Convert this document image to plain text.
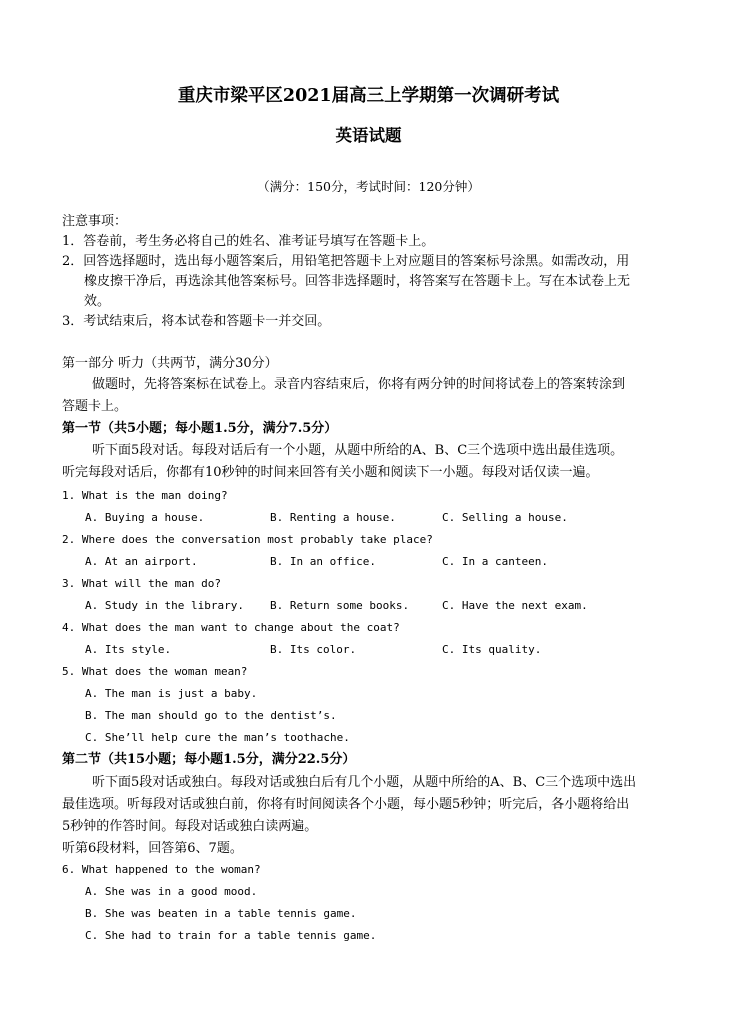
重庆市梁平区2021届高三上学期第一次调研考试
英语试题
（满分：150分，考试时间：120分钟）
注意事项：
1．答卷前，考生务必将自己的姓名、准考证号填写在答题卡上。
2．回答选择题时，选出每小题答案后，用铅笔把答题卡上对应题目的答案标号涂黑。如需改动，用
橡皮擦干净后，再选涂其他答案标号。回答非选择题时，将答案写在答题卡上。写在本试卷上无
效。
3．考试结束后，将本试卷和答题卡一并交回。
第一部分 听力（共两节，满分30分）
做题时，先将答案标在试卷上。录音内容结束后，你将有两分钟的时间将试卷上的答案转涂到
答题卡上。
第一节（共5小题；每小题1.5分，满分7.5分）
听下面5段对话。每段对话后有一个小题，从题中所给的A、B、C三个选项中选出最佳选项。
听完每段对话后，你都有10秒钟的时间来回答有关小题和阅读下一小题。每段对话仅读一遍。
1. What is the man doing?
A. Buying a house.	B. Renting a house.	C. Selling a house.
2. Where does the conversation most probably take place?
A. At an airport.	B. In an office.	C. In a canteen.
3. What will the man do?
A. Study in the library. B. Return some books.	C. Have the next exam.
4. What does the man want to change about the coat?
A. Its style.	B. Its color.	C. Its quality.
5. What does the woman mean?
A. The man is just a baby.
B. The man should go to the dentist’s.
C. She’ll help cure the man’s toothache.
第二节（共15小题；每小题1.5分，满分22.5分）
听下面5段对话或独白。每段对话或独白后有几个小题，从题中所给的A、B、C三个选项中选出
最佳选项。听每段对话或独白前，你将有时间阅读各个小题，每小题5秒钟；听完后，各小题将给出
5秒钟的作答时间。每段对话或独白读两遍。
听第6段材料，回答第6、7题。
6. What happened to the woman?
A. She was in a good mood.
B. She was beaten in a table tennis game.
C. She had to train for a table tennis game.
